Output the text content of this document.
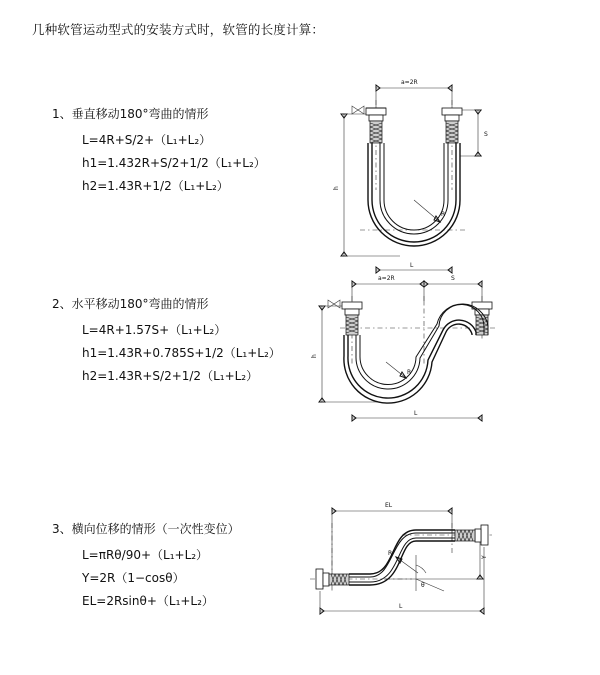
几种软管运动型式的安装方式时，软管的长度计算：
1、垂直移动180°弯曲的情形
L=4R+S/2+（L₁+L₂）
h1=1.432R+S/2+1/2（L₁+L₂）
h2=1.43R+1/2（L₁+L₂）
a=2R
h
S
R
L
2、水平移动180°弯曲的情形
L=4R+1.57S+（L₁+L₂）
h1=1.43R+0.785S+1/2（L₁+L₂）
h2=1.43R+S/2+1/2（L₁+L₂）
a=2R	S
h
R
L
3、横向位移的情形（一次性变位）
L=πRθ/90+（L₁+L₂）
Y=2R（1−cosθ）
EL=2Rsinθ+（L₁+L₂）
EL
Y
θ
R
L
